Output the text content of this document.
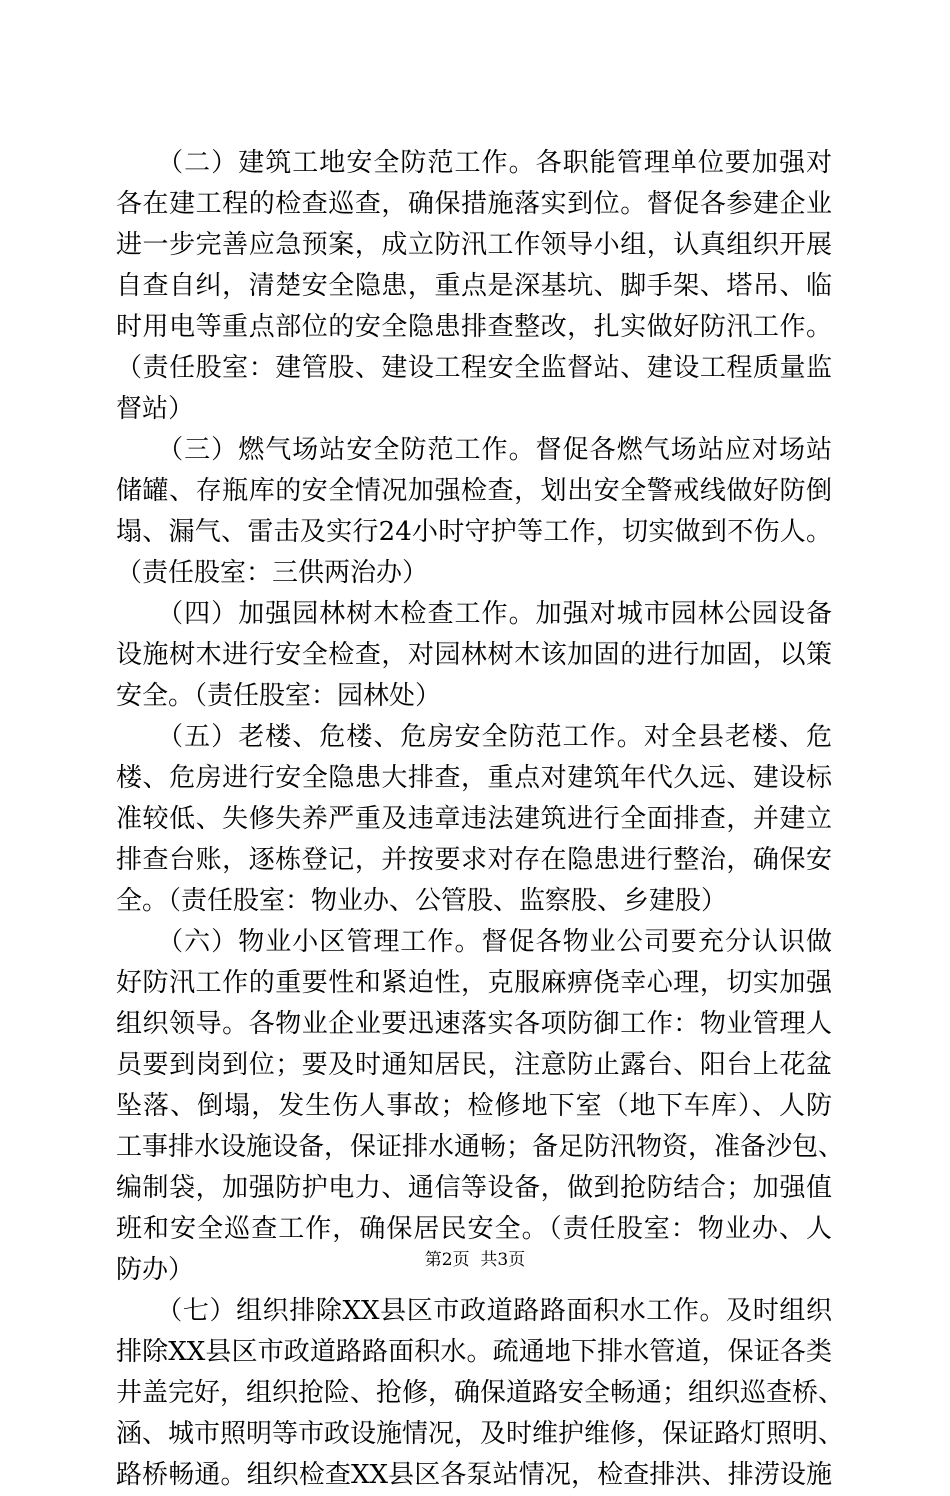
　　（二）建筑工地安全防范工作。各职能管理单位要加强对
各在建工程的检查巡查，确保措施落实到位。督促各参建企业
进一步完善应急预案，成立防汛工作领导小组，认真组织开展
自查自纠，清楚安全隐患，重点是深基坑、脚手架、塔吊、临
时用电等重点部位的安全隐患排查整改，扎实做好防汛工作。
（责任股室：建管股、建设工程安全监督站、建设工程质量监
督站）
　　（三）燃气场站安全防范工作。督促各燃气场站应对场站
储罐、存瓶库的安全情况加强检查，划出安全警戒线做好防倒
塌、漏气、雷击及实行24小时守护等工作，切实做到不伤人。
（责任股室：三供两治办）
　　（四）加强园林树木检查工作。加强对城市园林公园设备
设施树木进行安全检查，对园林树木该加固的进行加固，以策
安全。（责任股室：园林处）
　　（五）老楼、危楼、危房安全防范工作。对全县老楼、危
楼、危房进行安全隐患大排查，重点对建筑年代久远、建设标
准较低、失修失养严重及违章违法建筑进行全面排查，并建立
排查台账，逐栋登记，并按要求对存在隐患进行整治，确保安
全。（责任股室：物业办、公管股、监察股、乡建股）
　　（六）物业小区管理工作。督促各物业公司要充分认识做
好防汛工作的重要性和紧迫性，克服麻痹侥幸心理，切实加强
组织领导。各物业企业要迅速落实各项防御工作：物业管理人
员要到岗到位；要及时通知居民，注意防止露台、阳台上花盆
坠落、倒塌，发生伤人事故；检修地下室（地下车库）、人防
工事排水设施设备，保证排水通畅；备足防汛物资，准备沙包、
编制袋，加强防护电力、通信等设备，做到抢防结合；加强值
班和安全巡查工作，确保居民安全。（责任股室：物业办、人
防办）
　　（七）组织排除XX县区市政道路路面积水工作。及时组织
排除XX县区市政道路路面积水。疏通地下排水管道，保证各类
井盖完好，组织抢险、抢修，确保道路安全畅通；组织巡查桥、
涵、城市照明等市政设施情况，及时维护维修，保证路灯照明、
路桥畅通。组织检查XX县区各泵站情况，检查排洪、排涝设施
第2页  共3页
